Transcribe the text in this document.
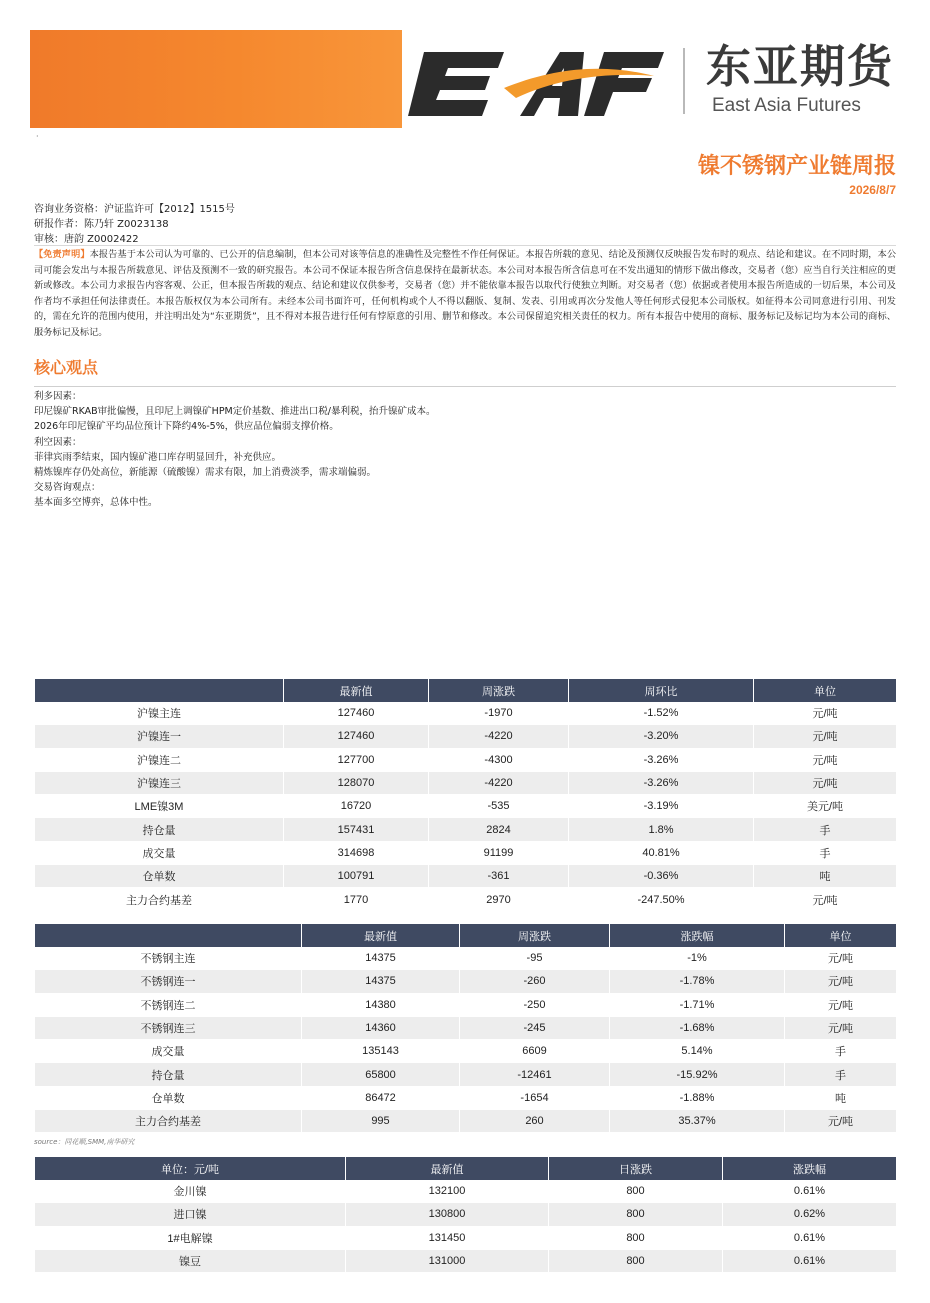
·
东亚期货
East Asia Futures
镍不锈钢产业链周报
2026/8/7
咨询业务资格：沪证监许可【2012】1515号
研报作者：陈乃轩 Z0023138
审核：唐韵 Z0002422

【免责声明】本报告基于本公司认为可靠的、已公开的信息编制，但本公司对该等信息的准确性及完整性不作任何保证。本报告所载的意见、结论及预测仅反映报告发布时的观点、结论和建议。在不同时期，本公司可能会发出与本报告所载意见、评估及预测不一致的研究报告。本公司不保证本报告所含信息保持在最新状态。本公司对本报告所含信息可在不发出通知的情形下做出修改，交易者（您）应当自行关注相应的更新或修改。本公司力求报告内容客观、公正，但本报告所载的观点、结论和建议仅供参考，交易者（您）并不能依靠本报告以取代行使独立判断。对交易者（您）依据或者使用本报告所造成的一切后果，本公司及作者均不承担任何法律责任。本报告版权仅为本公司所有。未经本公司书面许可，任何机构或个人不得以翻版、复制、发表、引用或再次分发他人等任何形式侵犯本公司版权。如征得本公司同意进行引用、刊发的，需在允许的范围内使用，并注明出处为“东亚期货”，且不得对本报告进行任何有悖原意的引用、删节和修改。本公司保留追究相关责任的权力。所有本报告中使用的商标、服务标记及标记均为本公司的商标、服务标记及标记。

核心观点
利多因素：
印尼镍矿RKAB审批偏慢，且印尼上调镍矿HPM定价基数、推进出口税/暴利税，抬升镍矿成本。
2026年印尼镍矿平均品位预计下降约4%-5%，供应品位偏弱支撑价格。
利空因素：
菲律宾雨季结束，国内镍矿港口库存明显回升，补充供应。
精炼镍库存仍处高位，新能源（硫酸镍）需求有限，加上消费淡季，需求端偏弱。
交易咨询观点：
基本面多空博弈，总体中性。
	最新值	周涨跌	周环比	单位
沪镍主连	127460	-1970	-1.52%	元/吨
沪镍连一	127460	-4220	-3.20%	元/吨
沪镍连二	127700	-4300	-3.26%	元/吨
沪镍连三	128070	-4220	-3.26%	元/吨
LME镍3M	16720	-535	-3.19%	美元/吨
持仓量	157431	2824	1.8%	手
成交量	314698	91199	40.81%	手
仓单数	100791	-361	-0.36%	吨
主力合约基差	1770	2970	-247.50%	元/吨
	最新值	周涨跌	涨跌幅	单位
不锈钢主连	14375	-95	-1%	元/吨
不锈钢连一	14375	-260	-1.78%	元/吨
不锈钢连二	14380	-250	-1.71%	元/吨
不锈钢连三	14360	-245	-1.68%	元/吨
成交量	135143	6609	5.14%	手
持仓量	65800	-12461	-15.92%	手
仓单数	86472	-1654	-1.88%	吨
主力合约基差	995	260	35.37%	元/吨
source：同花顺,SMM,南华研究
单位：元/吨	最新值	日涨跌	涨跌幅
金川镍	132100	800	0.61%
进口镍	130800	800	0.62%
1#电解镍	131450	800	0.61%
镍豆	131000	800	0.61%
